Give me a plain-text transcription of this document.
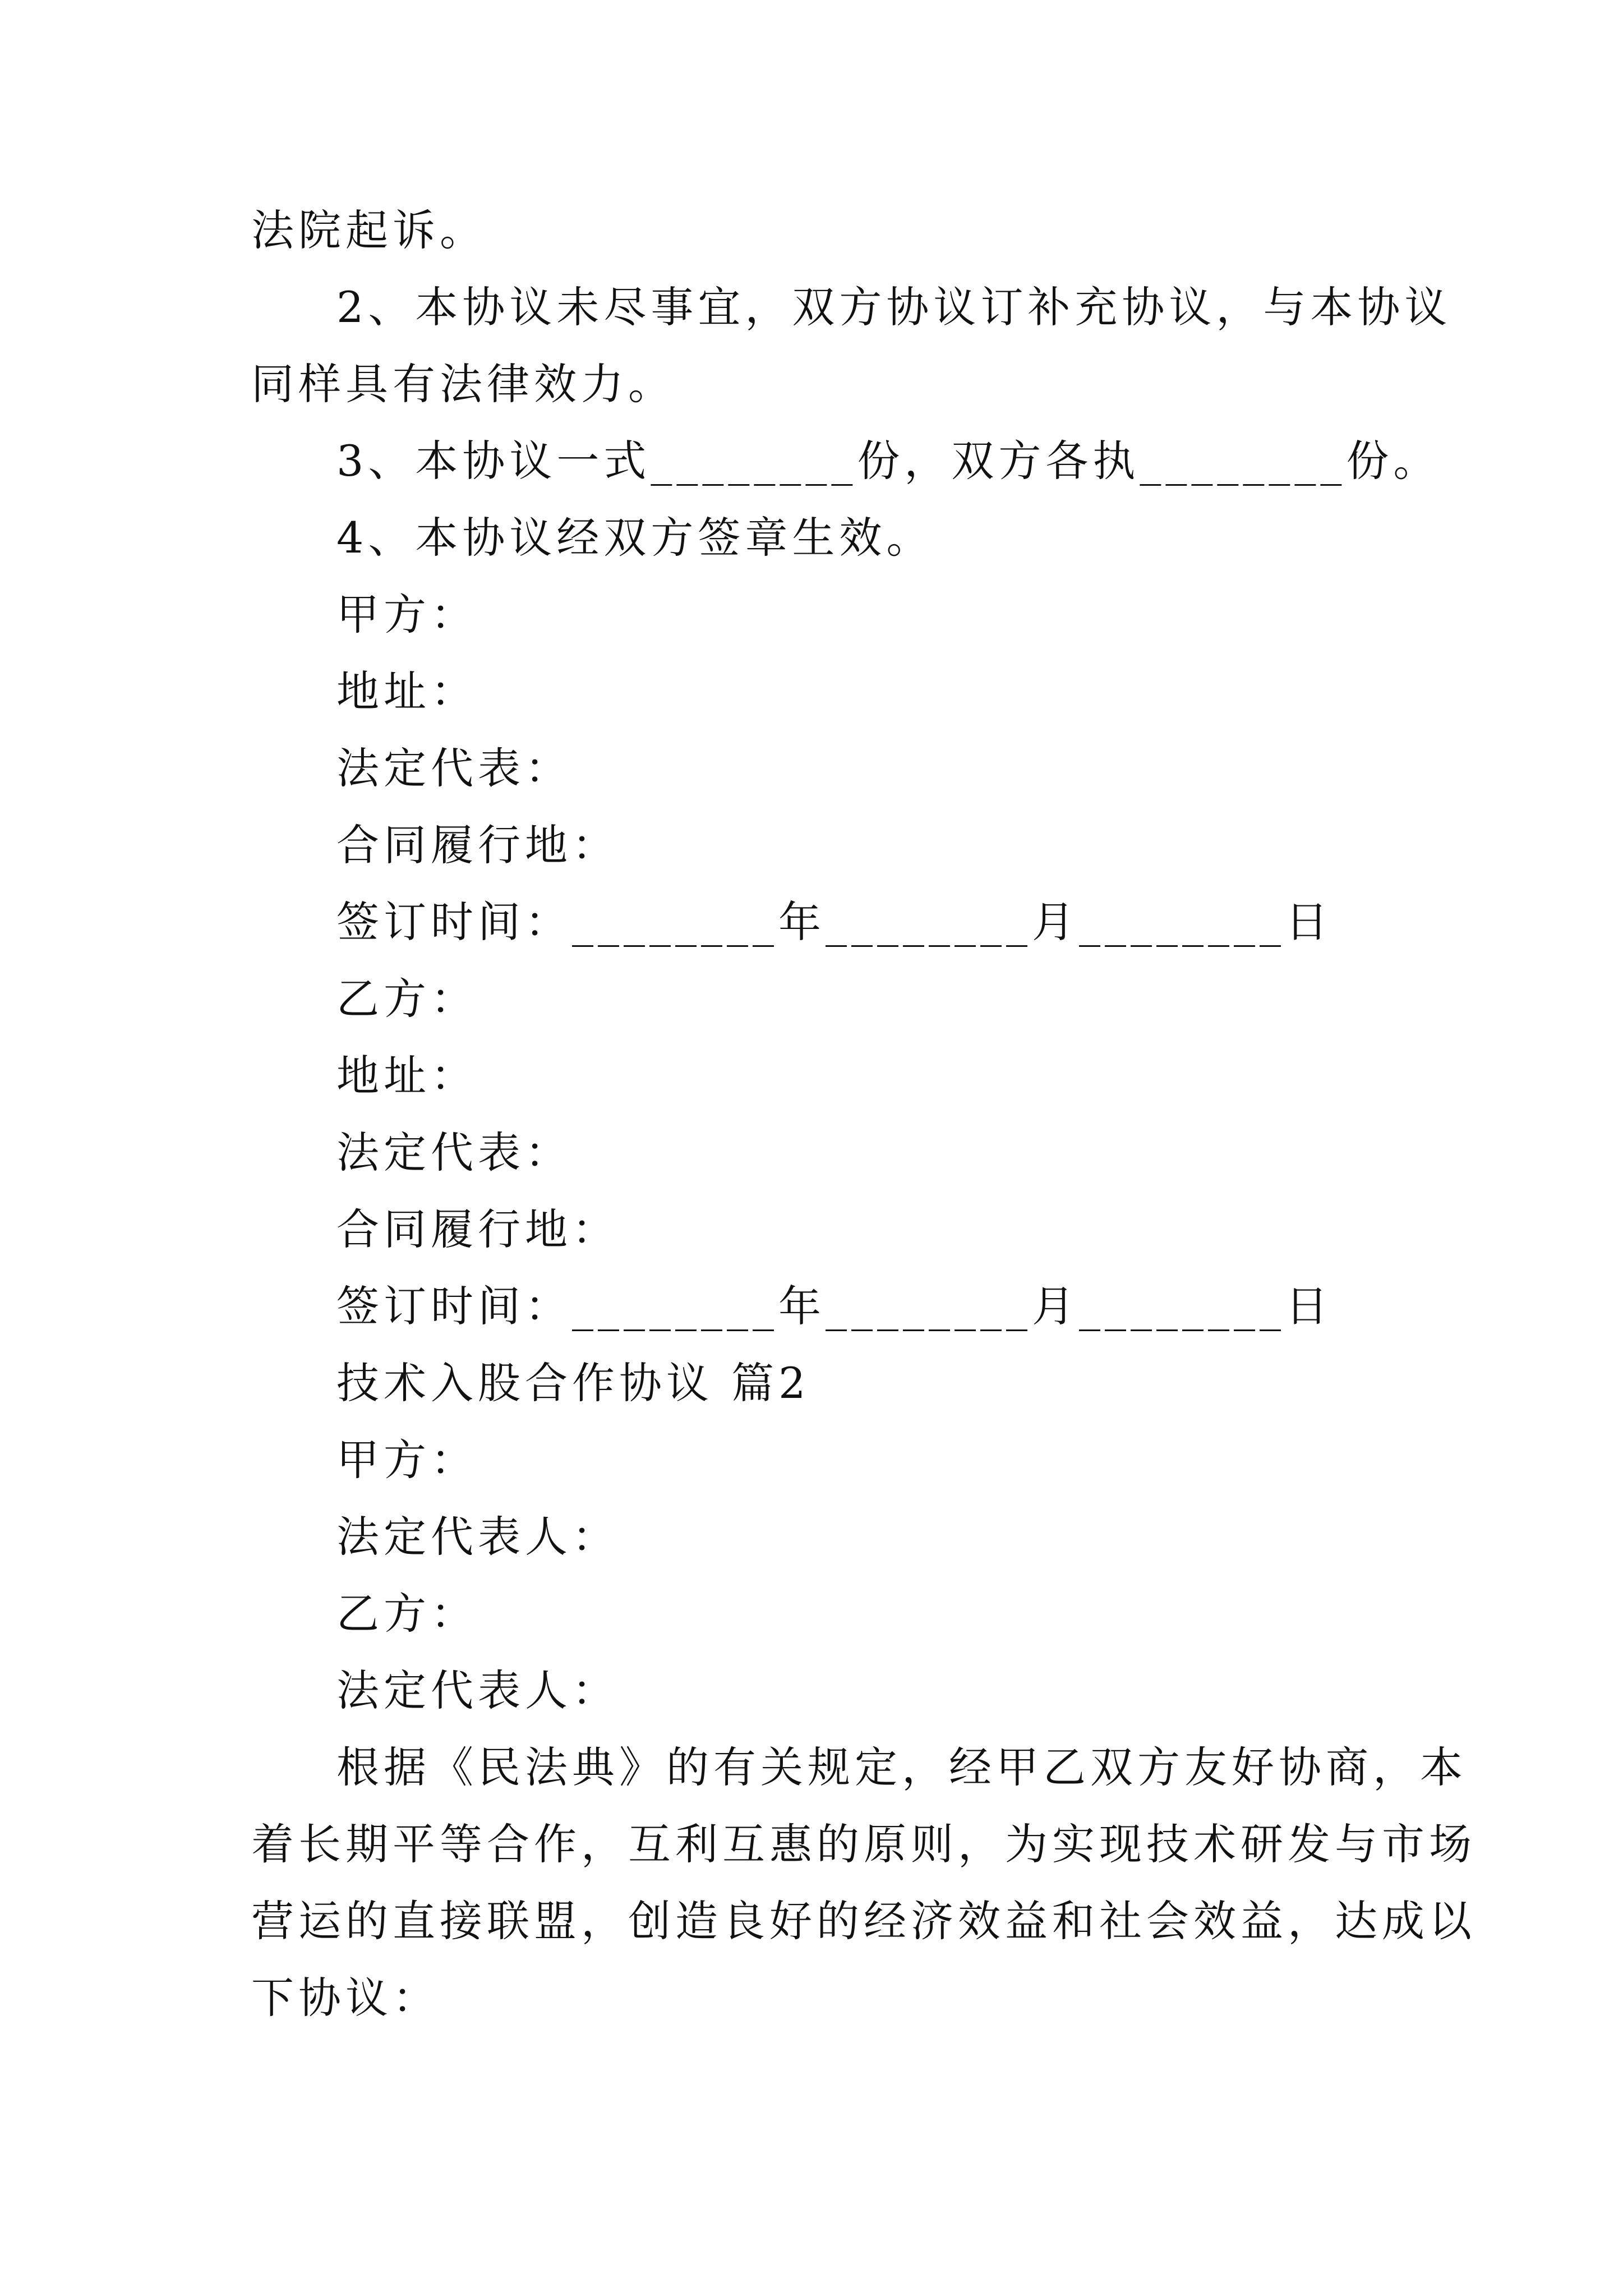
法院起诉。
2、本协议未尽事宜，双方协议订补充协议，与本协议
同样具有法律效力。
3、本协议一式________份，双方各执________份。
4、本协议经双方签章生效。
甲方：
地址：
法定代表：
合同履行地：
签订时间：________年________月________日
乙方：
地址：
法定代表：
合同履行地：
签订时间：________年________月________日
技术入股合作协议 篇2
甲方：
法定代表人：
乙方：
法定代表人：
根据《民法典》的有关规定，经甲乙双方友好协商，本
着长期平等合作，互利互惠的原则，为实现技术研发与市场
营运的直接联盟，创造良好的经济效益和社会效益，达成以
下协议：
